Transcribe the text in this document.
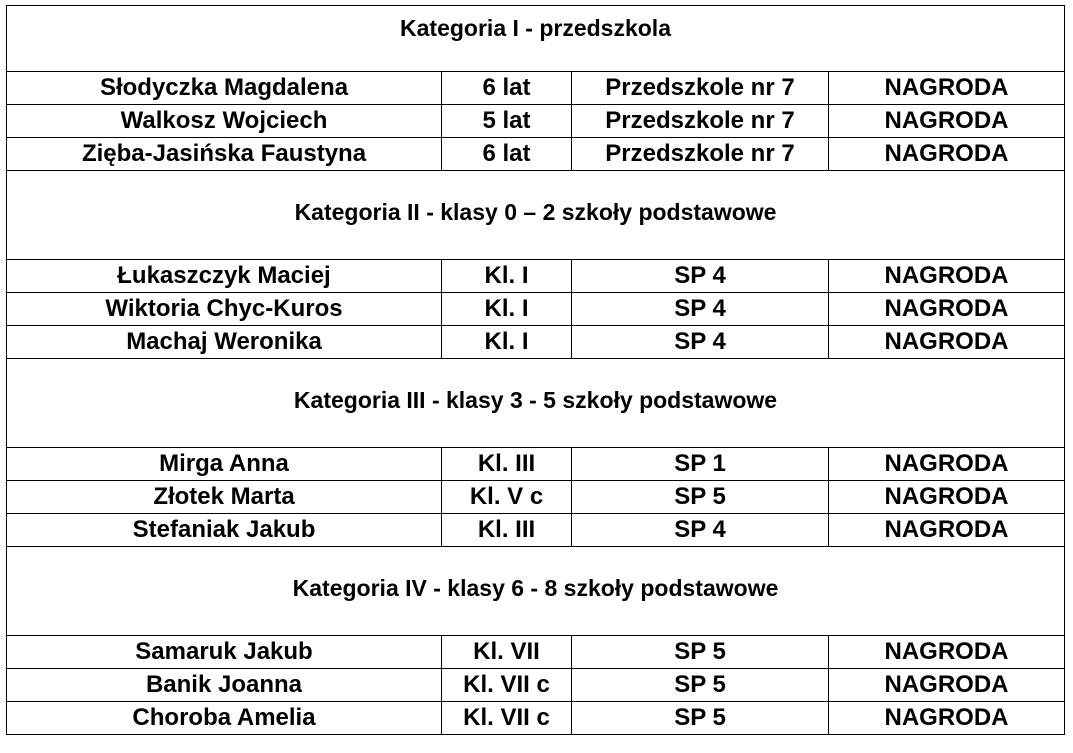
Kategoria I - przedszkola			

Słodyczka Magdalena	6 lat	Przedszkole nr 7	NAGRODA
Walkosz Wojciech	5 lat	Przedszkole nr 7	NAGRODA
Zięba-Jasińska Faustyna	6 lat	Przedszkole nr 7	NAGRODA

Kategoria II - klasy 0 – 2 szkoły podstawowe			

Łukaszczyk Maciej	Kl. I	SP 4	NAGRODA
Wiktoria Chyc-Kuros	Kl. I	SP 4	NAGRODA
Machaj Weronika	Kl. I	SP 4	NAGRODA

Kategoria III - klasy 3 - 5 szkoły podstawowe			

Mirga Anna	Kl. III	SP 1	NAGRODA
Złotek Marta	Kl. V c	SP 5	NAGRODA
Stefaniak Jakub	Kl. III	SP 4	NAGRODA

Kategoria IV - klasy 6 - 8 szkoły podstawowe			

Samaruk Jakub	Kl. VII	SP 5	NAGRODA
Banik Joanna	Kl. VII c	SP 5	NAGRODA
Choroba Amelia	Kl. VII c	SP 5	NAGRODA
